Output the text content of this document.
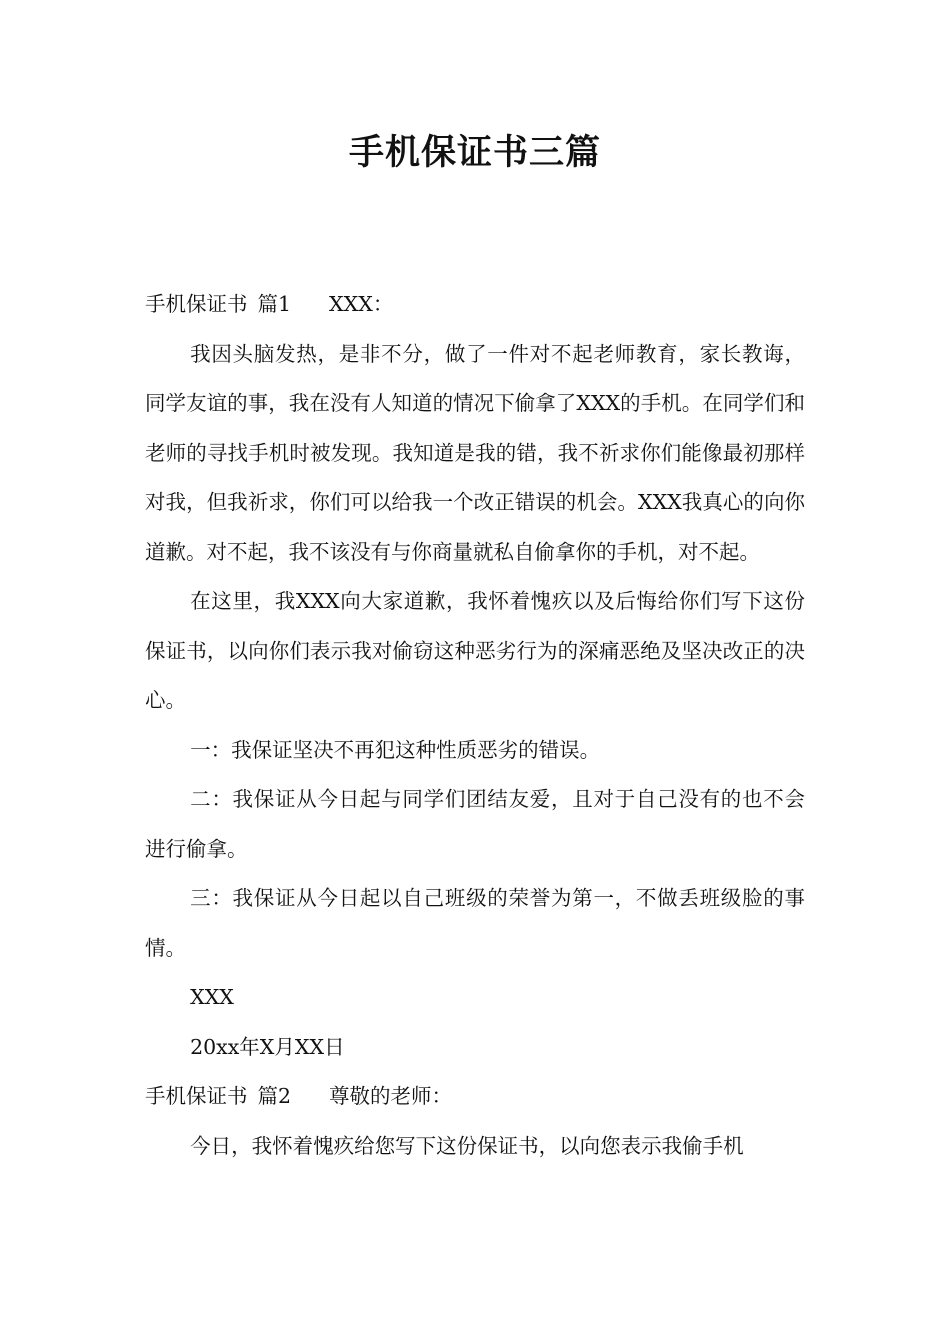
手机保证书三篇

手机保证书 篇1 XXX：

我因头脑发热，是非不分，做了一件对不起老师教育，家长教诲，同学友谊的事，我在没有人知道的情况下偷拿了XXX的手机。在同学们和老师的寻找手机时被发现。我知道是我的错，我不祈求你们能像最初那样对我，但我祈求，你们可以给我一个改正错误的机会。XXX我真心的向你道歉。对不起，我不该没有与你商量就私自偷拿你的手机，对不起。

在这里，我XXX向大家道歉，我怀着愧疚以及后悔给你们写下这份保证书，以向你们表示我对偷窃这种恶劣行为的深痛恶绝及坚决改正的决心。

一：我保证坚决不再犯这种性质恶劣的错误。

二：我保证从今日起与同学们团结友爱，且对于自己没有的也不会进行偷拿。

三：我保证从今日起以自己班级的荣誉为第一，不做丢班级脸的事情。

XXX

20xx年X月XX日

手机保证书 篇2 尊敬的老师：

今日，我怀着愧疚给您写下这份保证书，以向您表示我偷手机
